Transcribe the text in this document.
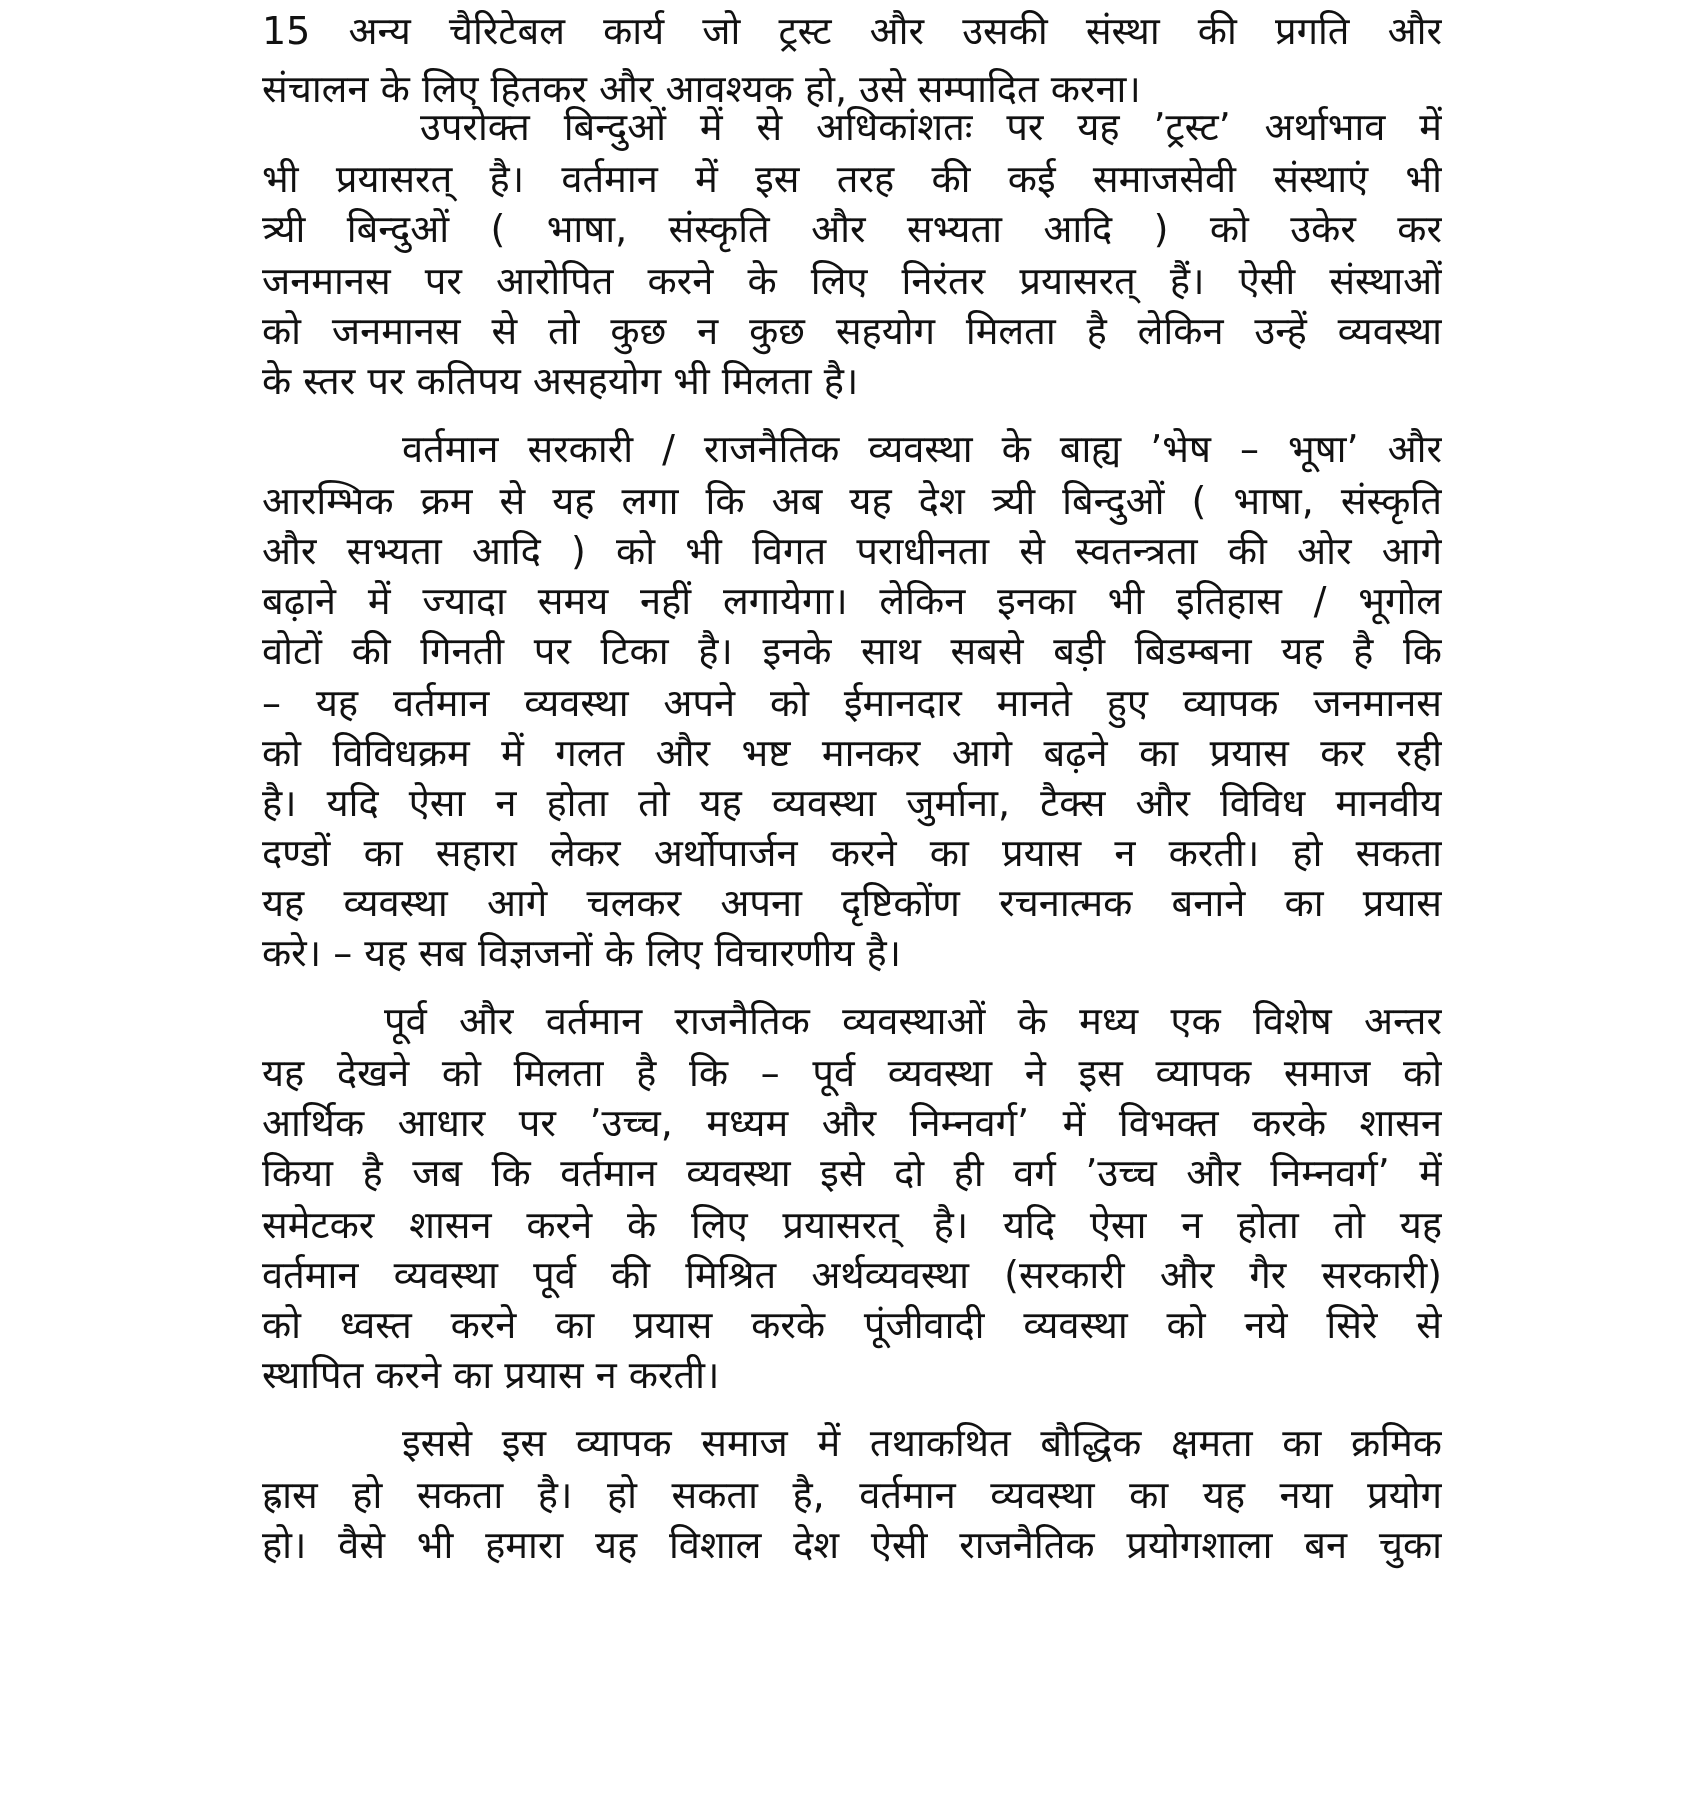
15 अन्य चैरिटेबल कार्य जो ट्रस्ट और उसकी संस्था की प्रगति और
संचालन के लिए हितकर और आवश्यक हो, उसे सम्पादित करना।
उपरोक्त बिन्दुओं में से अधिकांशतः पर यह ’ट्रस्ट’ अर्थाभाव में
भी प्रयासरत् है। वर्तमान में इस तरह की कई समाजसेवी संस्थाएं भी
त्र्यी बिन्दुओं ( भाषा, संस्कृति और सभ्यता आदि ) को उकेर कर
जनमानस पर आरोपित करने के लिए निरंतर प्रयासरत् हैं। ऐसी संस्थाओं
को जनमानस से तो कुछ न कुछ सहयोग मिलता है लेकिन उन्हें व्यवस्था
के स्तर पर कतिपय असहयोग भी मिलता है।
वर्तमान सरकारी / राजनैतिक व्यवस्था के बाह्य ’भेष – भूषा’ और
आरम्भिक क्रम से यह लगा कि अब यह देश त्र्यी बिन्दुओं ( भाषा, संस्कृति
और सभ्यता आदि ) को भी विगत पराधीनता से स्वतन्त्रता की ओर आगे
बढ़ाने में ज्यादा समय नहीं लगायेगा। लेकिन इनका भी इतिहास / भूगोल
वोटों की गिनती पर टिका है। इनके साथ सबसे बड़ी बिडम्बना यह है कि
– यह वर्तमान व्यवस्था अपने को ईमानदार मानते हुए व्यापक जनमानस
को विविधक्रम में गलत और भष्ट मानकर आगे बढ़ने का प्रयास कर रही
है। यदि ऐसा न होता तो यह व्यवस्था जुर्माना, टैक्स और विविध मानवीय
दण्डों का सहारा लेकर अर्थोपार्जन करने का प्रयास न करती। हो सकता
यह व्यवस्था आगे चलकर अपना दृष्टिकोंण रचनात्मक बनाने का प्रयास
करे। – यह सब विज्ञजनों के लिए विचारणीय है।
पूर्व और वर्तमान राजनैतिक व्यवस्थाओं के मध्य एक विशेष अन्तर
यह देखने को मिलता है कि – पूर्व व्यवस्था ने इस व्यापक समाज को
आर्थिक आधार पर ’उच्च, मध्यम और निम्नवर्ग’ में विभक्त करके शासन
किया है जब कि वर्तमान व्यवस्था इसे दो ही वर्ग ’उच्च और निम्नवर्ग’ में
समेटकर शासन करने के लिए प्रयासरत् है। यदि ऐसा न होता तो यह
वर्तमान व्यवस्था पूर्व की मिश्रित अर्थव्यवस्था (सरकारी और गैर सरकारी)
को ध्वस्त करने का प्रयास करके पूंजीवादी व्यवस्था को नये सिरे से
स्थापित करने का प्रयास न करती।
इससे इस व्यापक समाज में तथाकथित बौद्धिक क्षमता का क्रमिक
ह्रास हो सकता है। हो सकता है, वर्तमान व्यवस्था का यह नया प्रयोग
हो। वैसे भी हमारा यह विशाल देश ऐसी राजनैतिक प्रयोगशाला बन चुका
